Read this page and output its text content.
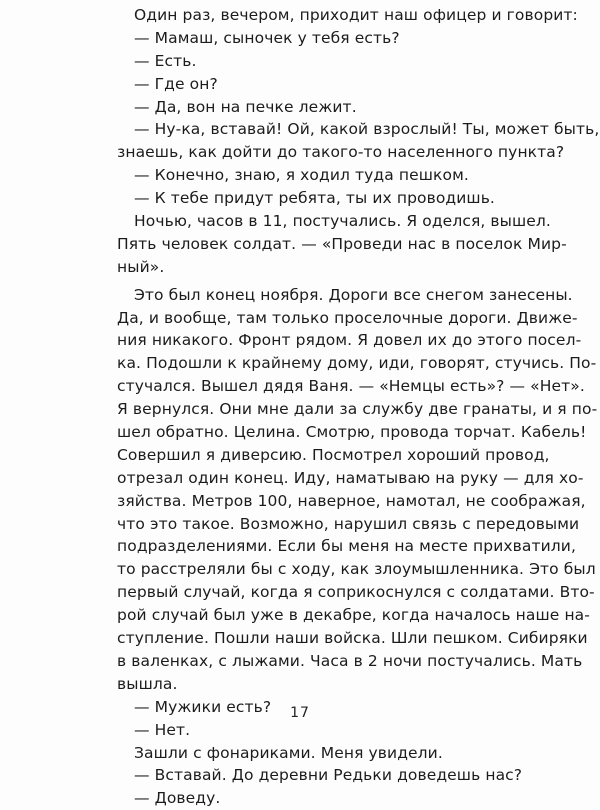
Один раз, вечером, приходит наш офицер и говорит:
— Мамаш, сыночек у тебя есть?
— Есть.
— Где он?
— Да, вон на печке лежит.
— Ну-ка, вставай! Ой, какой взрослый! Ты, может быть,
знаешь, как дойти до такого-то населенного пункта?
— Конечно, знаю, я ходил туда пешком.
— К тебе придут ребята, ты их проводишь.
Ночью, часов в 11, постучались. Я оделся, вышел.
Пять человек солдат. — «Проведи нас в поселок Мир-
ный».
Это был конец ноября. Дороги все снегом занесены.
Да, и вообще, там только проселочные дороги. Движе-
ния никакого. Фронт рядом. Я довел их до этого посел-
ка. Подошли к крайнему дому, иди, говорят, стучись. По-
стучался. Вышел дядя Ваня. — «Немцы есть»? — «Нет».
Я вернулся. Они мне дали за службу две гранаты, и я по-
шел обратно. Целина. Смотрю, провода торчат. Кабель!
Совершил я диверсию. Посмотрел хороший провод,
отрезал один конец. Иду, наматываю на руку — для хо-
зяйства. Метров 100, наверное, намотал, не соображая,
что это такое. Возможно, нарушил связь с передовыми
подразделениями. Если бы меня на месте прихватили,
то расстреляли бы с ходу, как злоумышленника. Это был
первый случай, когда я соприкоснулся с солдатами. Вто-
рой случай был уже в декабре, когда началось наше на-
ступление. Пошли наши войска. Шли пешком. Сибиряки
в валенках, с лыжами. Часа в 2 ночи постучались. Мать
вышла.
— Мужики есть?
— Нет.
Зашли с фонариками. Меня увидели.
— Вставай. До деревни Редьки доведешь нас?
— Доведу.
17
